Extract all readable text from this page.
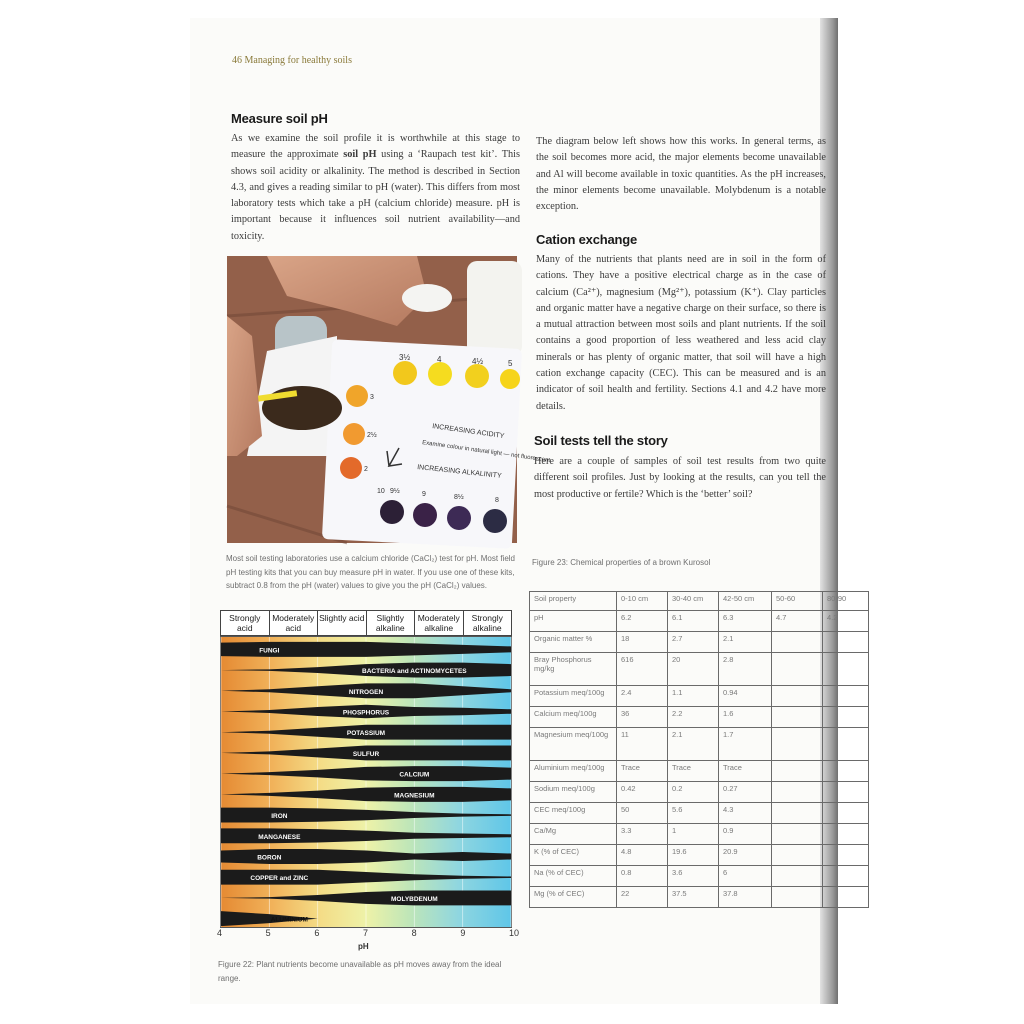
46 Managing for healthy soils
Measure soil pH

As we examine the soil profile it is worthwhile at this stage to measure the approximate soil pH using a ‘Raupach test kit’. This shows soil acidity or alkalinity. The method is described in Section 4.3, and gives a reading similar to pH (water). This differs from most laboratory tests which take a pH (calcium chloride) measure. pH is important because it influences soil nutrient availability—and toxicity.

The diagram below left shows how this works. In general terms, as the soil becomes more acid, the major elements become unavailable and Al will become available in toxic quantities. As the pH increases, the minor elements become unavailable. Molybdenum is a notable exception.
Cation exchange
Many of the nutrients that plants need are in soil in the form of cations. They have a positive electrical charge as in the case of calcium (Ca²⁺), magnesium (Mg²⁺), potassium (K⁺). Clay particles and organic matter have a negative charge on their surface, so there is a mutual attraction between most soils and plant nutrients. If the soil contains a good proportion of less weathered and less acid clay minerals or has plenty of organic matter, that soil will have a high cation exchange capacity (CEC). This can be measured and is an indicator of soil health and fertility. Sections 4.1 and 4.2 have more details.
Soil tests tell the story
Here are a couple of samples of soil test results from two quite different soil profiles. Just by looking at the results, can you tell the most productive or fertile? Which is the ‘better’ soil?
3½	4	4½	5
3
2½
2
INCREASING ACIDITY
Examine colour in natural light — not fluorescent
INCREASING ALKALINITY
10 9½	9	8½	8
Most soil testing laboratories use a calcium chloride (CaCl₂) test for pH. Most field pH testing kits that you can buy measure pH in water. If you use one of these kits, subtract 0.8 from the pH (water) values to give you the pH (CaCl₂) values.
Strongly acid
Moderately acid
Slightly acid	Slightly alkaline
Moderately alkaline
Strongly alkaline
FUNGI
BACTERIA and ACTINOMYCETES
NITROGEN
PHOSPHORUS
POTASSIUM
SULFUR
CALCIUM
MAGNESIUM
IRON
MANGANESE
BORON
COPPER and ZINC
MOLYBDENUM
ALUMINIUM
4	5	6	7	8	9	10
pH
Figure 22: Plant nutrients become unavailable as pH moves away from the ideal range.
Figure 23: Chemical properties of a brown Kurosol
Soil property	0-10 cm	30-40 cm	42-50 cm	50-60	80-90
pH	6.2	6.1	6.3	4.7	4.2
Organic matter %	18	2.7	2.1		
Bray Phosphorus mg/kg	616	20	2.8		
Potassium meq/100g	2.4	1.1	0.94		
Calcium meq/100g	36	2.2	1.6		
Magnesium meq/100g	11	2.1	1.7		
Aluminium meq/100g	Trace	Trace	Trace		
Sodium meq/100g	0.42	0.2	0.27		
CEC meq/100g	50	5.6	4.3		
Ca/Mg	3.3	1	0.9		
K (% of CEC)	4.8	19.6	20.9		
Na (% of CEC)	0.8	3.6	6		
Mg (% of CEC)	22	37.5	37.8		
